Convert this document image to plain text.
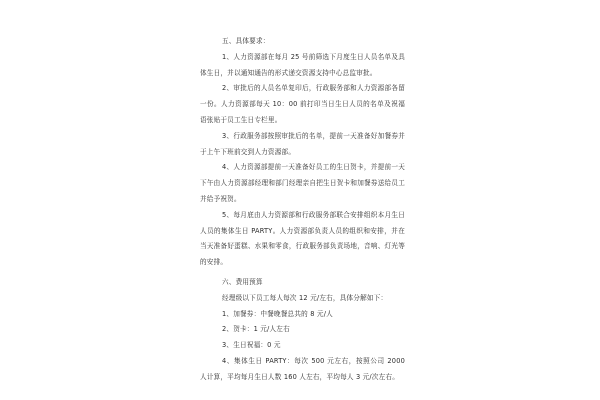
五、具体要求：

1、人力资源部在每月 25 号前筛选下月度生日人员名单及具体生日，并以通知通告的形式递交资源支持中心总监审批。

2、审批后的人员名单复印后，行政服务部和人力资源部各留一份。人力资源部每天 10：00 前打印当日生日人员的名单及祝福语张贴于员工生日专栏里。

3、行政服务部按照审批后的名单，提前一天准备好加餐券并于上午下班前交到人力资源部。

4、人力资源部提前一天准备好员工的生日贺卡，并提前一天下午由人力资源部经理和部门经理亲自把生日贺卡和加餐券送给员工并给予祝贺。

5、每月底由人力资源部和行政服务部联合安排组织本月生日人员的集体生日 PARTY。人力资源部负责人员的组织和安排，并在当天准备好蛋糕、水果和零食，行政服务部负责场地，音响、灯光等的安排。

六、费用预算

经理级以下员工每人每次 12 元/左右，具体分解如下：

1、加餐券：中餐晚餐总共的 8 元/人

2、贺卡：1 元/人左右

3、生日祝福：0 元

4、集体生日 PARTY：每次 500 元左右，按照公司 2000 人计算，平均每月生日人数 160 人左右，平均每人 3 元/次左右。
